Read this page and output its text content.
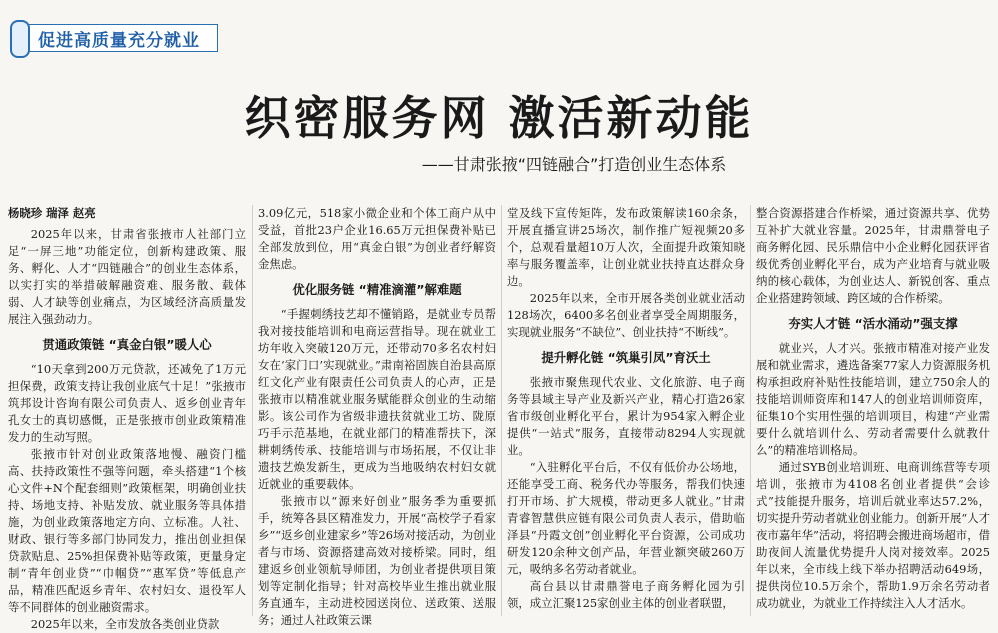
促进高质量充分就业
织密服务网 激活新动能
——甘肃张掖“四链融合”打造创业生态体系

杨晓珍 瑞泽 赵亮

2025年以来，甘肃省张掖市人社部门立足“一屏三地”功能定位，创新构建政策、服务、孵化、人才“四链融合”的创业生态体系，以实打实的举措破解融资难、服务散、载体弱、人才缺等创业痛点，为区域经济高质量发展注入强劲动力。

贯通政策链 “真金白银”暖人心

“10天拿到200万元贷款，还减免了1万元担保费，政策支持让我创业底气十足！”张掖市筑邦设计咨询有限公司负责人、返乡创业青年孔女士的真切感慨，正是张掖市创业政策精准发力的生动写照。

张掖市针对创业政策落地慢、融资门槛高、扶持政策性不强等问题，牵头搭建“1个核心文件+N个配套细则”政策框架，明确创业扶持、场地支持、补贴发放、就业服务等具体措施，为创业政策落地定方向、立标准。人社、财政、银行等多部门协同发力，推出创业担保贷款贴息、25%担保费补贴等政策，更量身定制“青年创业贷”“巾帼贷”“惠军贷”等低息产品，精准匹配返乡青年、农村妇女、退役军人等不同群体的创业融资需求。

2025年以来，全市发放各类创业贷款

3.09亿元，518家小微企业和个体工商户从中受益，首批23户企业16.65万元担保费补贴已全部发放到位，用“真金白银”为创业者纾解资金焦虑。

优化服务链 “精准滴灌”解难题

“手握刺绣技艺却不懂销路，是就业专员帮我对接技能培训和电商运营指导。现在就业工坊年收入突破120万元，还带动70多名农村妇女在‘家门口’实现就业。”肃南裕固族自治县高原红文化产业有限责任公司负责人的心声，正是张掖市以精准就业服务赋能群众创业的生动缩影。该公司作为省级非遗扶贫就业工坊、陇原巧手示范基地，在就业部门的精准帮扶下，深耕刺绣传承、技能培训与市场拓展，不仅让非遗技艺焕发新生，更成为当地吸纳农村妇女就近就业的重要载体。

张掖市以“源来好创业”服务季为重要抓手，统筹各县区精准发力，开展“高校学子看家乡”“返乡创业建家乡”等26场对接活动，为创业者与市场、资源搭建高效对接桥梁。同时，组建返乡创业领航导师团，为创业者提供项目策划等定制化指导；针对高校毕业生推出就业服务直通车，主动进校园送岗位、送政策、送服务；通过人社政策云课

堂及线下宣传矩阵，发布政策解读160余条，开展直播宣讲25场次，制作推广短视频20多个，总观看量超10万人次，全面提升政策知晓率与服务覆盖率，让创业就业扶持直达群众身边。

2025年以来，全市开展各类创业就业活动128场次，6400多名创业者享受全周期服务，实现就业服务“不缺位”、创业扶持“不断线”。

提升孵化链 “筑巢引凤”育沃土

张掖市聚焦现代农业、文化旅游、电子商务等县域主导产业及新兴产业，精心打造26家省市级创业孵化平台，累计为954家入孵企业提供“一站式”服务，直接带动8294人实现就业。

“入驻孵化平台后，不仅有低价办公场地，还能享受工商、税务代办等服务，帮我们快速打开市场、扩大规模，带动更多人就业。”甘肃青睿智慧供应链有限公司负责人表示，借助临泽县“丹霞文创”创业孵化平台资源，公司成功研发120余种文创产品，年营业额突破260万元，吸纳多名劳动者就业。

高台县以甘肃鼎誉电子商务孵化园为引领，成立汇聚125家创业主体的创业者联盟，

整合资源搭建合作桥梁，通过资源共享、优势互补扩大就业容量。2025年，甘肃鼎誉电子商务孵化园、民乐鼎信中小企业孵化园获评省级优秀创业孵化平台，成为产业培育与就业吸纳的核心载体，为创业达人、新锐创客、重点企业搭建跨领域、跨区域的合作桥梁。

夯实人才链 “活水涌动”强支撑

就业兴，人才兴。张掖市精准对接产业发展和就业需求，遴选备案77家人力资源服务机构承担政府补贴性技能培训，建立750余人的技能培训师资库和147人的创业培训师资库，征集10个实用性强的培训项目，构建“产业需要什么就培训什么、劳动者需要什么就教什么”的精准培训格局。

通过SYB创业培训班、电商训练营等专项培训，张掖市为4108名创业者提供“会诊式”技能提升服务，培训后就业率达57.2%，切实提升劳动者就业创业能力。创新开展“人才夜市嘉年华”活动，将招聘会搬进商场超市，借助夜间人流量优势提升人岗对接效率。2025年以来，全市线上线下举办招聘活动649场，提供岗位10.5万余个，帮助1.9万余名劳动者成功就业，为就业工作持续注入人才活水。
